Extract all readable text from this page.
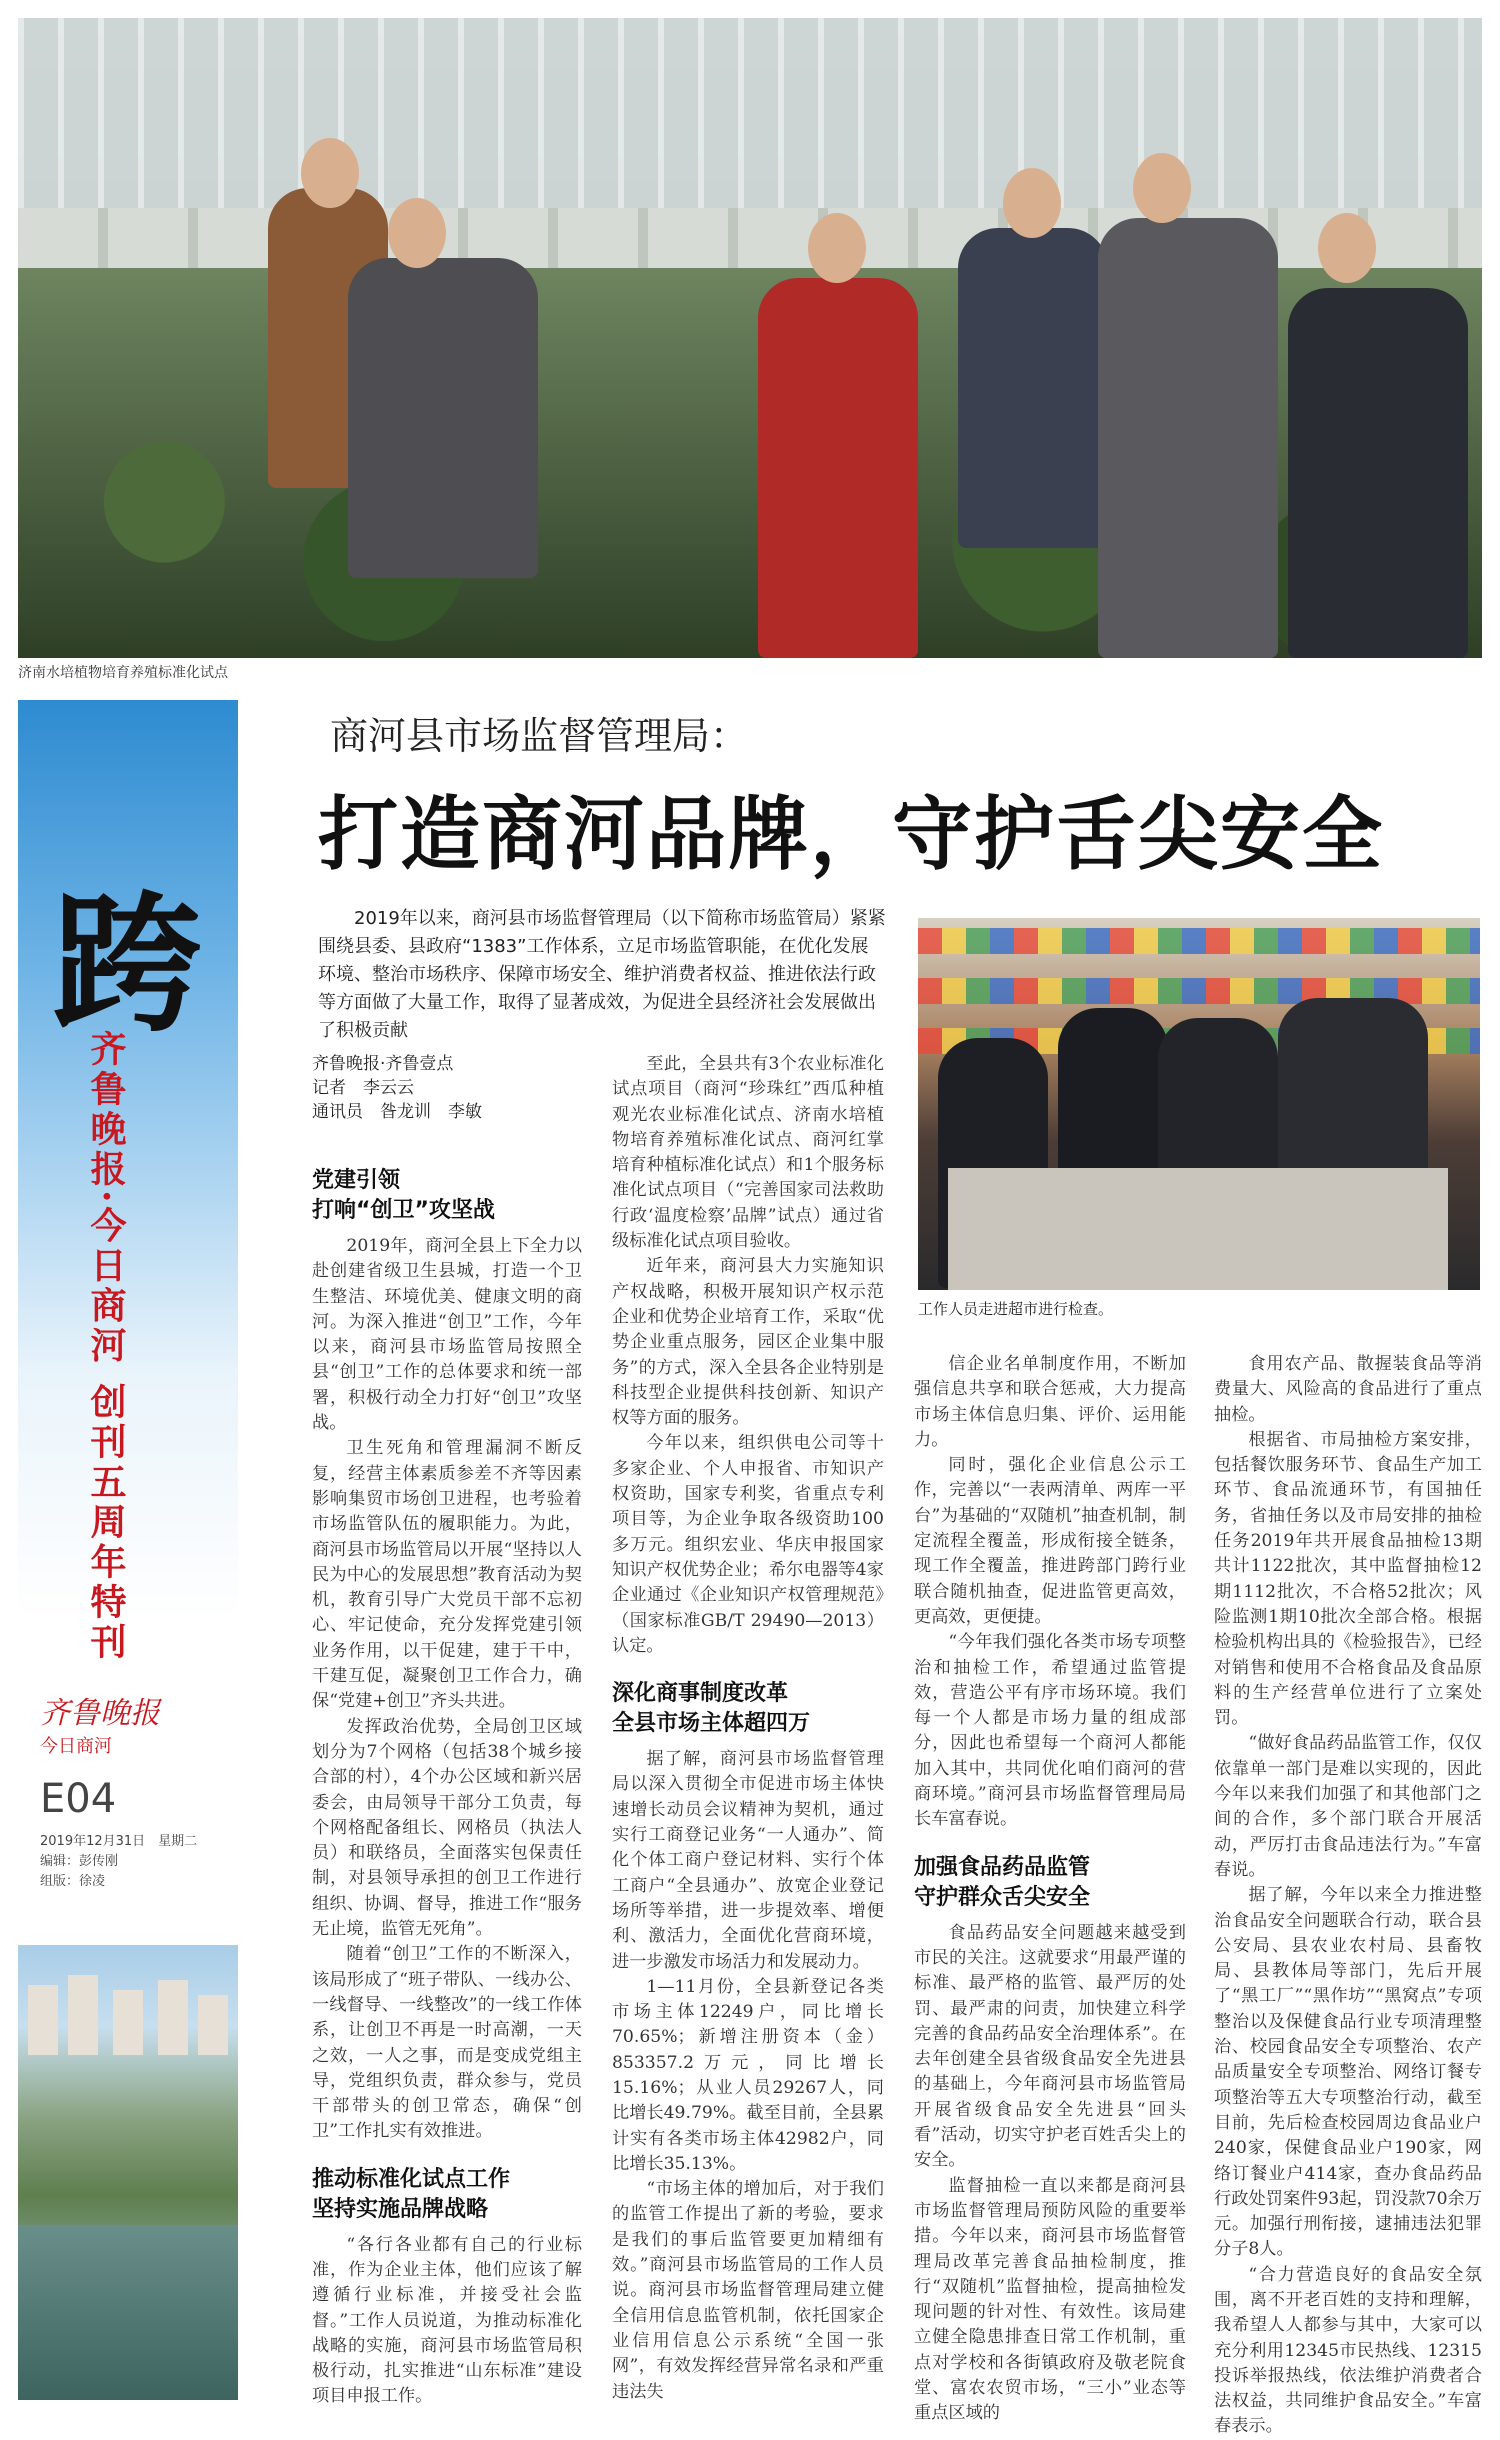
济南水培植物培育养殖标准化试点
跨
齐鲁晚报·今日商河 创刊五周年特刊
齐鲁晚报
今日商河
E04
2019年12月31日　星期二
编辑：彭传刚
组版：徐凌
商河县市场监督管理局：
打造商河品牌，守护舌尖安全
2019年以来，商河县市场监督管理局（以下简称市场监管局）紧紧围绕县委、县政府“1383”工作体系，立足市场监管职能，在优化发展环境、整治市场秩序、保障市场安全、维护消费者权益、推进依法行政等方面做了大量工作，取得了显著成效，为促进全县经济社会发展做出了积极贡献
齐鲁晚报·齐鲁壹点
记者　李云云
通讯员　昝龙训　李敏
工作人员走进超市进行检查。
党建引领
打响“创卫”攻坚战

2019年，商河全县上下全力以赴创建省级卫生县城，打造一个卫生整洁、环境优美、健康文明的商河。为深入推进“创卫”工作，今年以来，商河县市场监管局按照全县“创卫”工作的总体要求和统一部署，积极行动全力打好“创卫”攻坚战。

卫生死角和管理漏洞不断反复，经营主体素质参差不齐等因素影响集贸市场创卫进程，也考验着市场监管队伍的履职能力。为此，商河县市场监管局以开展“坚持以人民为中心的发展思想”教育活动为契机，教育引导广大党员干部不忘初心、牢记使命，充分发挥党建引领业务作用，以干促建，建于干中，干建互促，凝聚创卫工作合力，确保“党建+创卫”齐头共进。

发挥政治优势，全局创卫区域划分为7个网格（包括38个城乡接合部的村），4个办公区域和新兴居委会，由局领导干部分工负责，每个网格配备组长、网格员（执法人员）和联络员，全面落实包保责任制，对县领导承担的创卫工作进行组织、协调、督导，推进工作“服务无止境，监管无死角”。

随着“创卫”工作的不断深入，该局形成了“班子带队、一线办公、一线督导、一线整改”的一线工作体系，让创卫不再是一时高潮，一天之效，一人之事，而是变成党组主导，党组织负责，群众参与，党员干部带头的创卫常态，确保“创卫”工作扎实有效推进。

推动标准化试点工作
坚持实施品牌战略

“各行各业都有自己的行业标准，作为企业主体，他们应该了解遵循行业标准，并接受社会监督。”工作人员说道，为推动标准化战略的实施，商河县市场监管局积极行动，扎实推进“山东标准”建设项目申报工作。

至此，全县共有3个农业标准化试点项目（商河“珍珠红”西瓜种植观光农业标准化试点、济南水培植物培育养殖标准化试点、商河红掌培育种植标准化试点）和1个服务标准化试点项目（“完善国家司法救助行政‘温度检察’品牌”试点）通过省级标准化试点项目验收。

近年来，商河县大力实施知识产权战略，积极开展知识产权示范企业和优势企业培育工作，采取“优势企业重点服务，园区企业集中服务”的方式，深入全县各企业特别是科技型企业提供科技创新、知识产权等方面的服务。

今年以来，组织供电公司等十多家企业、个人申报省、市知识产权资助，国家专利奖，省重点专利项目等，为企业争取各级资助100多万元。组织宏业、华庆申报国家知识产权优势企业；希尔电器等4家企业通过《企业知识产权管理规范》（国家标准GB/T 29490—2013）认定。

深化商事制度改革
全县市场主体超四万

据了解，商河县市场监督管理局以深入贯彻全市促进市场主体快速增长动员会议精神为契机，通过实行工商登记业务“一人通办”、简化个体工商户登记材料、实行个体工商户“全县通办”、放宽企业登记场所等举措，进一步提效率、增便利、激活力，全面优化营商环境，进一步激发市场活力和发展动力。

1—11月份，全县新登记各类市场主体12249户，同比增长70.65%；新增注册资本（金）853357.2万元，同比增长15.16%；从业人员29267人，同比增长49.79%。截至目前，全县累计实有各类市场主体42982户，同比增长35.13%。

“市场主体的增加后，对于我们的监管工作提出了新的考验，要求是我们的事后监管要更加精细有效。”商河县市场监管局的工作人员说。商河县市场监督管理局建立健全信用信息监管机制，依托国家企业信用信息公示系统“全国一张网”，有效发挥经营异常名录和严重违法失

信企业名单制度作用，不断加强信息共享和联合惩戒，大力提高市场主体信息归集、评价、运用能力。

同时，强化企业信息公示工作，完善以“一表两清单、两库一平台”为基础的“双随机”抽查机制，制定流程全覆盖，形成衔接全链条，现工作全覆盖，推进跨部门跨行业联合随机抽查，促进监管更高效，更高效，更便捷。

“今年我们强化各类市场专项整治和抽检工作，希望通过监管提效，营造公平有序市场环境。我们每一个人都是市场力量的组成部分，因此也希望每一个商河人都能加入其中，共同优化咱们商河的营商环境。”商河县市场监督管理局局长车富春说。

加强食品药品监管
守护群众舌尖安全

食品药品安全问题越来越受到市民的关注。这就要求“用最严谨的标准、最严格的监管、最严厉的处罚、最严肃的问责，加快建立科学完善的食品药品安全治理体系”。在去年创建全县省级食品安全先进县的基础上，今年商河县市场监管局开展省级食品安全先进县“回头看”活动，切实守护老百姓舌尖上的安全。

监督抽检一直以来都是商河县市场监督管理局预防风险的重要举措。今年以来，商河县市场监督管理局改革完善食品抽检制度，推行“双随机”监督抽检，提高抽检发现问题的针对性、有效性。该局建立健全隐患排查日常工作机制，重点对学校和各街镇政府及敬老院食堂、富农农贸市场，“三小”业态等重点区域的

食用农产品、散握装食品等消费量大、风险高的食品进行了重点抽检。

根据省、市局抽检方案安排，包括餐饮服务环节、食品生产加工环节、食品流通环节，有国抽任务，省抽任务以及市局安排的抽检任务2019年共开展食品抽检13期共计1122批次，其中监督抽检12期1112批次，不合格52批次；风险监测1期10批次全部合格。根据检验机构出具的《检验报告》，已经对销售和使用不合格食品及食品原料的生产经营单位进行了立案处罚。

“做好食品药品监管工作，仅仅依靠单一部门是难以实现的，因此今年以来我们加强了和其他部门之间的合作，多个部门联合开展活动，严厉打击食品违法行为。”车富春说。

据了解，今年以来全力推进整治食品安全问题联合行动，联合县公安局、县农业农村局、县畜牧局、县教体局等部门，先后开展了“黑工厂”“黑作坊”“黑窝点”专项整治以及保健食品行业专项清理整治、校园食品安全专项整治、农产品质量安全专项整治、网络订餐专项整治等五大专项整治行动，截至目前，先后检查校园周边食品业户240家，保健食品业户190家，网络订餐业户414家，查办食品药品行政处罚案件93起，罚没款70余万元。加强行刑衔接，逮捕违法犯罪分子8人。

“合力营造良好的食品安全氛围，离不开老百姓的支持和理解，我希望人人都参与其中，大家可以充分利用12345市民热线、12315投诉举报热线，依法维护消费者合法权益，共同维护食品安全。”车富春表示。
